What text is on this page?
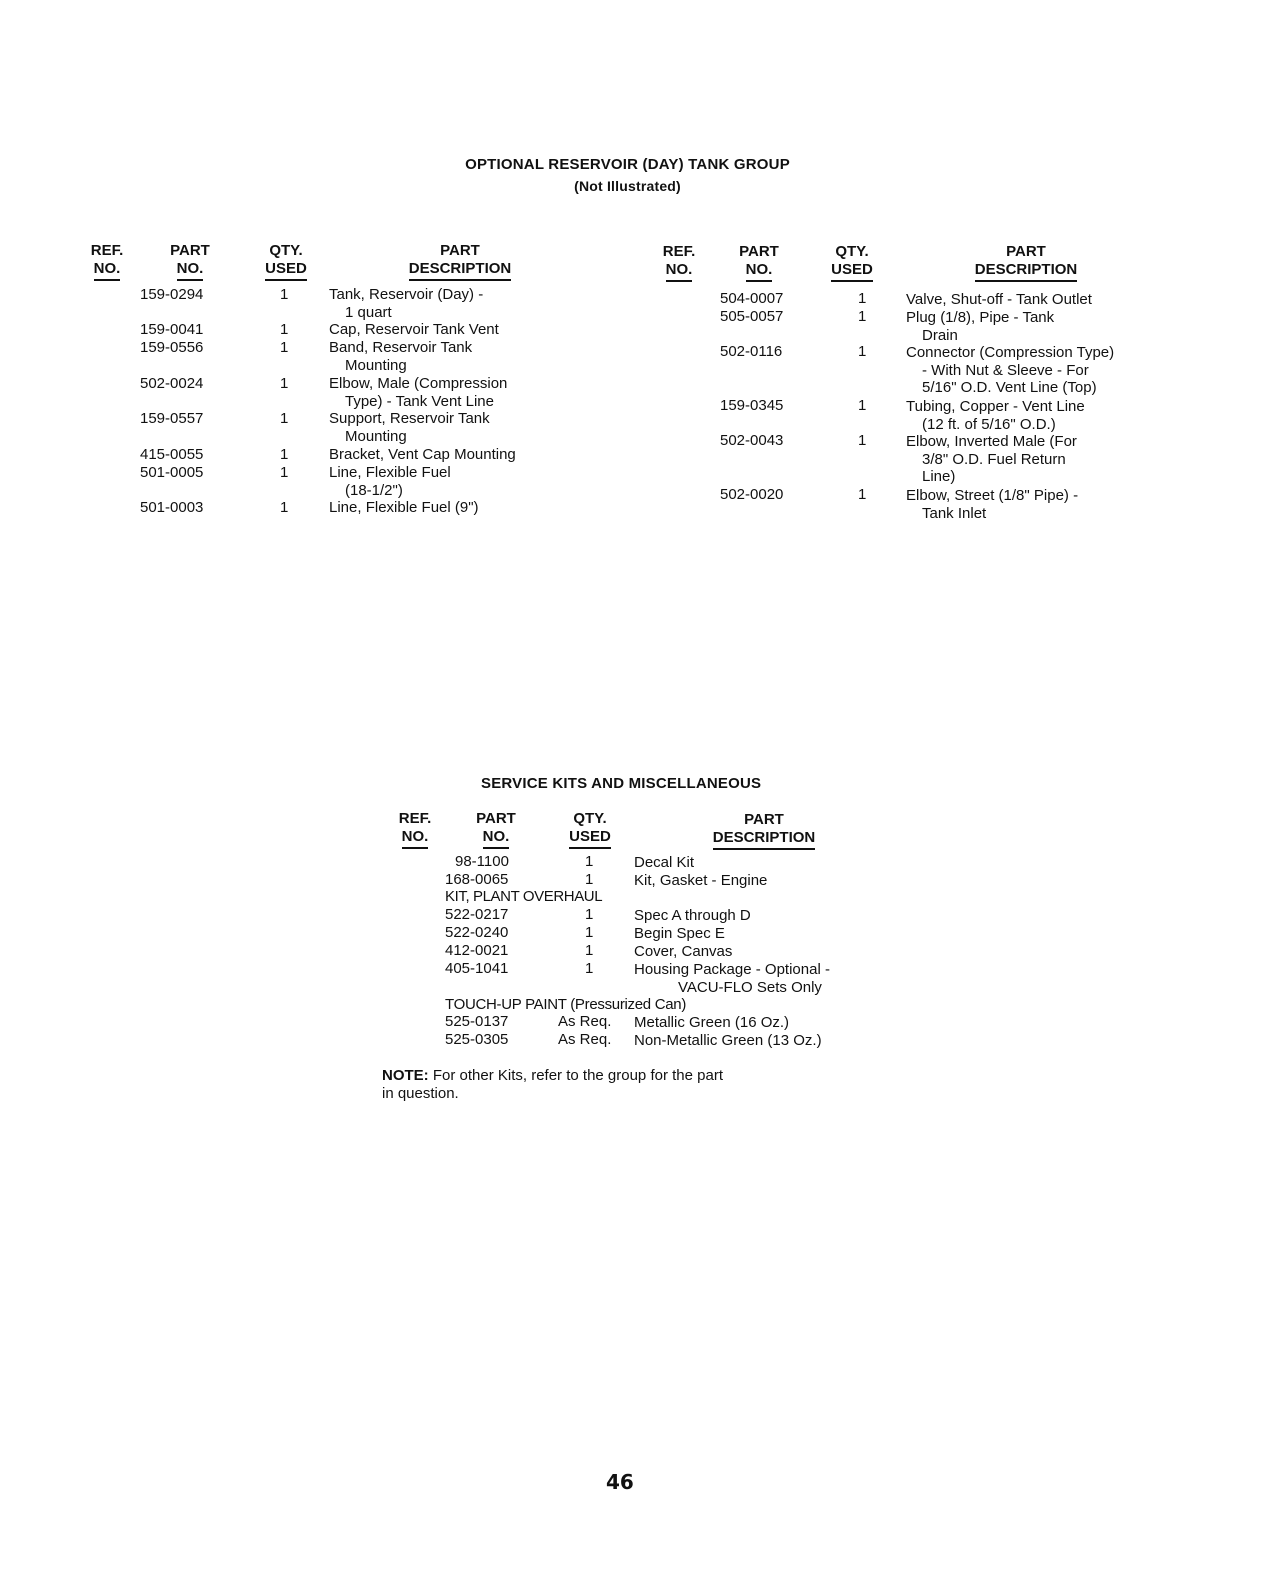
OPTIONAL RESERVOIR (DAY) TANK GROUP
(Not Illustrated)
REF.
NO.
PART
NO.
QTY.
USED
PART
DESCRIPTION
159-0294	1	Tank, Reservoir (Day) -
1 quart
159-0041	1	Cap, Reservoir Tank Vent
159-0556	1	Band, Reservoir Tank
Mounting
502-0024	1	Elbow, Male (Compression
Type) - Tank Vent Line
159-0557	1	Support, Reservoir Tank
Mounting
415-0055	1	Bracket, Vent Cap Mounting
501-0005	1	Line, Flexible Fuel
(18-1/2")
501-0003	1	Line, Flexible Fuel (9")
REF.
NO.
PART
NO.
QTY.
USED
PART
DESCRIPTION
504-0007	1	Valve, Shut-off - Tank Outlet
505-0057	1	Plug (1/8), Pipe - Tank
Drain
502-0116	1	Connector (Compression Type)
- With Nut & Sleeve - For
5/16" O.D. Vent Line (Top)
159-0345	1	Tubing, Copper - Vent Line
(12 ft. of 5/16" O.D.)
502-0043	1	Elbow, Inverted Male (For
3/8" O.D. Fuel Return
Line)
502-0020	1	Elbow, Street (1/8" Pipe) -
Tank Inlet
SERVICE KITS AND MISCELLANEOUS
REF.
NO.
PART
NO.
QTY.
USED
PART
DESCRIPTION
98-1100	1	Decal Kit
168-0065	1	Kit, Gasket - Engine
KIT, PLANT OVERHAUL
522-0217	1	Spec A through D
522-0240	1	Begin Spec E
412-0021	1	Cover, Canvas
405-1041	1	Housing Package - Optional -
VACU-FLO Sets Only
TOUCH-UP PAINT (Pressurized Can)
525-0137	As Req. Metallic Green (16 Oz.)
525-0305	As Req. Non-Metallic Green (13 Oz.)
NOTE: For other Kits, refer to the group for the part
in question.
46
